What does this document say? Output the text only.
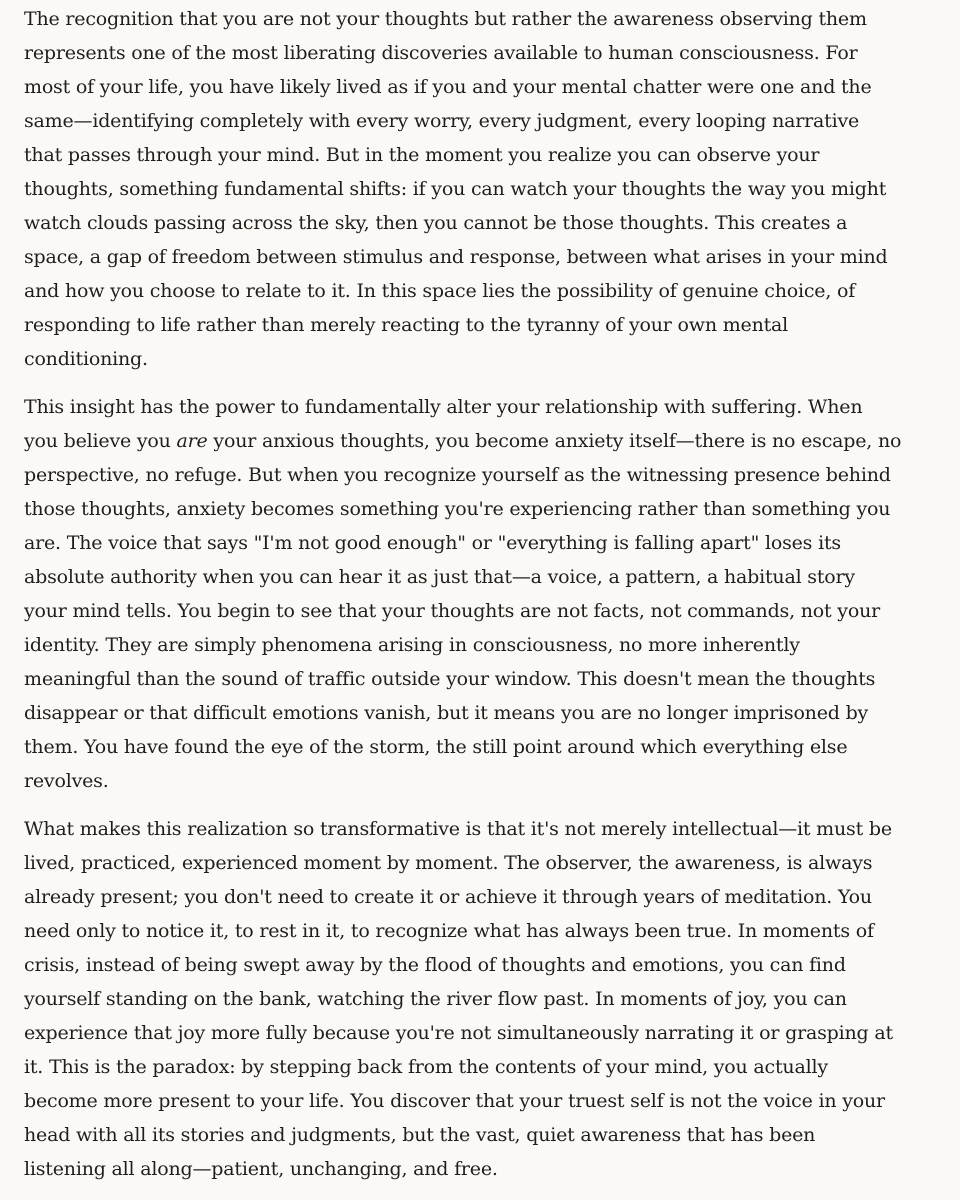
The recognition that you are not your thoughts but rather the awareness observing them represents one of the most liberating discoveries available to human consciousness. For most of your life, you have likely lived as if you and your mental chatter were one and the same—identifying completely with every worry, every judgment, every looping narrative that passes through your mind. But in the moment you realize you can observe your thoughts, something fundamental shifts: if you can watch your thoughts the way you might watch clouds passing across the sky, then you cannot be those thoughts. This creates a space, a gap of freedom between stimulus and response, between what arises in your mind and how you choose to relate to it. In this space lies the possibility of genuine choice, of responding to life rather than merely reacting to the tyranny of your own mental conditioning.

This insight has the power to fundamentally alter your relationship with suffering. When you believe you are your anxious thoughts, you become anxiety itself—there is no escape, no perspective, no refuge. But when you recognize yourself as the witnessing presence behind those thoughts, anxiety becomes something you're experiencing rather than something you are. The voice that says "I'm not good enough" or "everything is falling apart" loses its absolute authority when you can hear it as just that—a voice, a pattern, a habitual story your mind tells. You begin to see that your thoughts are not facts, not commands, not your identity. They are simply phenomena arising in consciousness, no more inherently meaningful than the sound of traffic outside your window. This doesn't mean the thoughts disappear or that difficult emotions vanish, but it means you are no longer imprisoned by them. You have found the eye of the storm, the still point around which everything else revolves.

What makes this realization so transformative is that it's not merely intellectual—it must be lived, practiced, experienced moment by moment. The observer, the awareness, is always already present; you don't need to create it or achieve it through years of meditation. You need only to notice it, to rest in it, to recognize what has always been true. In moments of crisis, instead of being swept away by the flood of thoughts and emotions, you can find yourself standing on the bank, watching the river flow past. In moments of joy, you can experience that joy more fully because you're not simultaneously narrating it or grasping at it. This is the paradox: by stepping back from the contents of your mind, you actually become more present to your life. You discover that your truest self is not the voice in your head with all its stories and judgments, but the vast, quiet awareness that has been listening all along—patient, unchanging, and free.
